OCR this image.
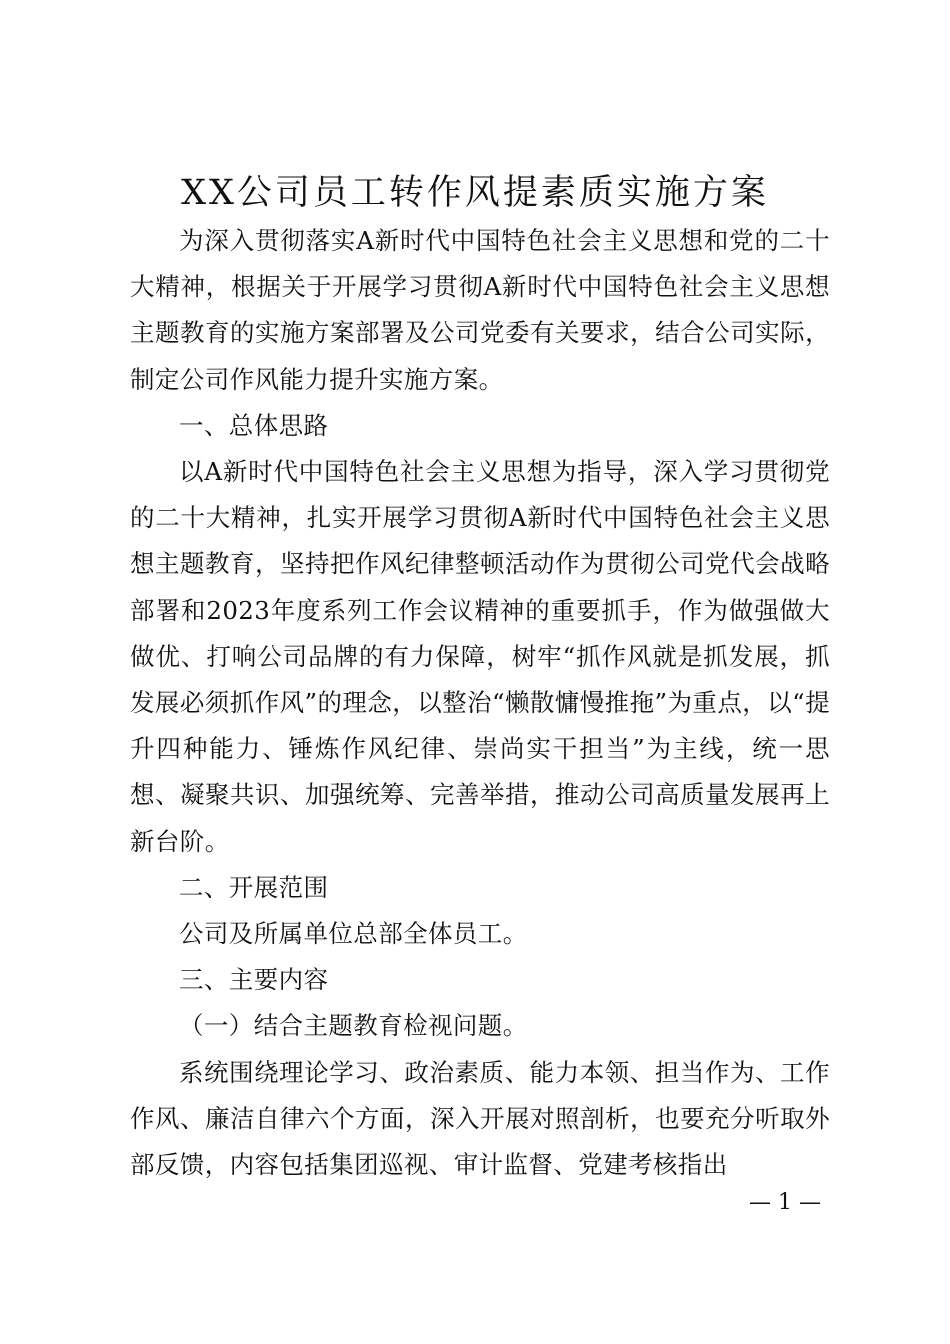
XX公司员工转作风提素质实施方案

为深入贯彻落实A新时代中国特色社会主义思想和党的二十大精神，根据关于开展学习贯彻A新时代中国特色社会主义思想主题教育的实施方案部署及公司党委有关要求，结合公司实际，制定公司作风能力提升实施方案。

一、总体思路

以A新时代中国特色社会主义思想为指导，深入学习贯彻党的二十大精神，扎实开展学习贯彻A新时代中国特色社会主义思想主题教育，坚持把作风纪律整顿活动作为贯彻公司党代会战略部署和2023年度系列工作会议精神的重要抓手，作为做强做大做优、打响公司品牌的有力保障，树牢“抓作风就是抓发展，抓发展必须抓作风”的理念，以整治“懒散慵慢推拖”为重点，以“提升四种能力、锤炼作风纪律、崇尚实干担当”为主线，统一思想、凝聚共识、加强统筹、完善举措，推动公司高质量发展再上新台阶。

二、开展范围

公司及所属单位总部全体员工。

三、主要内容

（一）结合主题教育检视问题。

系统围绕理论学习、政治素质、能力本领、担当作为、工作作风、廉洁自律六个方面，深入开展对照剖析，也要充分听取外部反馈，内容包括集团巡视、审计监督、党建考核指出

— 1 —
